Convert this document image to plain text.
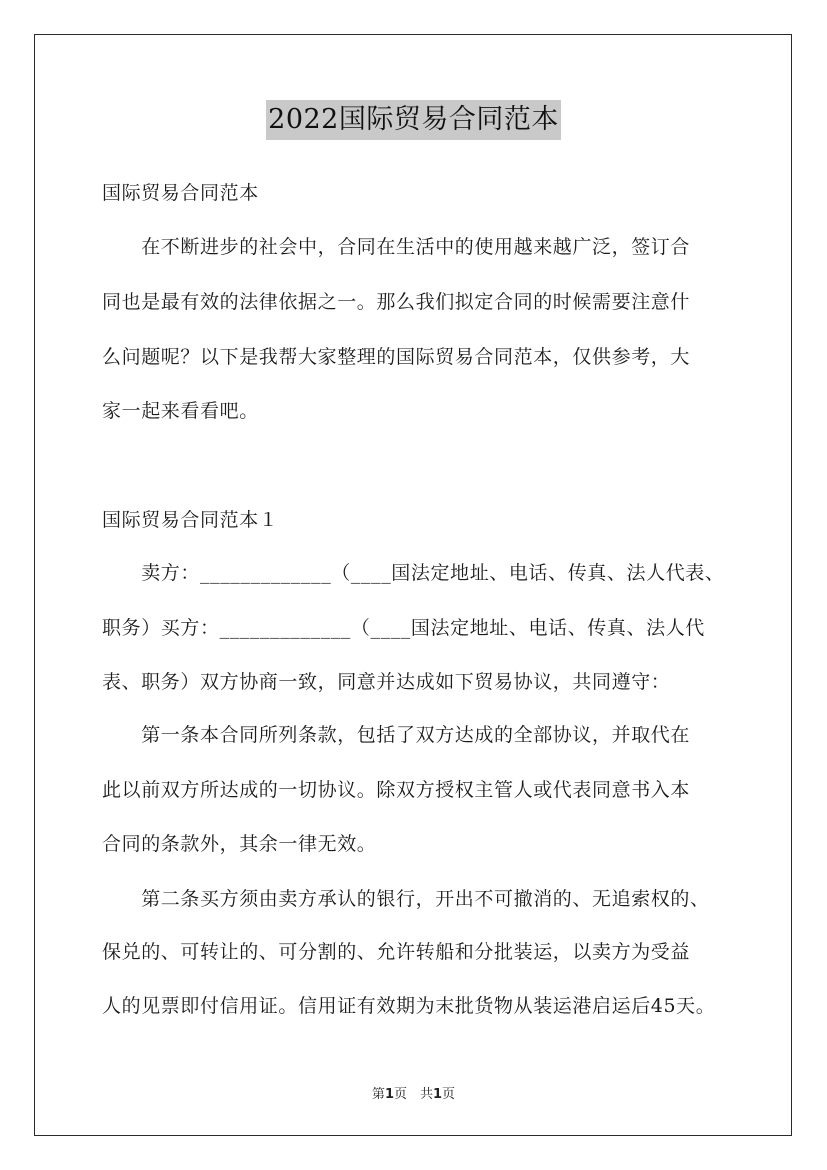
2022国际贸易合同范本
国际贸易合同范本
　　在不断进步的社会中，合同在生活中的使用越来越广泛，签订合
同也是最有效的法律依据之一。那么我们拟定合同的时候需要注意什
么问题呢？以下是我帮大家整理的国际贸易合同范本，仅供参考，大
家一起来看看吧。
国际贸易合同范本１
　　卖方：_____________（____国法定地址、电话、传真、法人代表、
职务）买方：_____________（____国法定地址、电话、传真、法人代
表、职务）双方协商一致，同意并达成如下贸易协议，共同遵守：
　　第一条本合同所列条款，包括了双方达成的全部协议，并取代在
此以前双方所达成的一切协议。除双方授权主管人或代表同意书入本
合同的条款外，其余一律无效。
　　第二条买方须由卖方承认的银行，开出不可撤消的、无追索权的、
保兑的、可转让的、可分割的、允许转船和分批装运，以卖方为受益
人的见票即付信用证。信用证有效期为末批货物从装运港启运后45天。
第1页　共1页
